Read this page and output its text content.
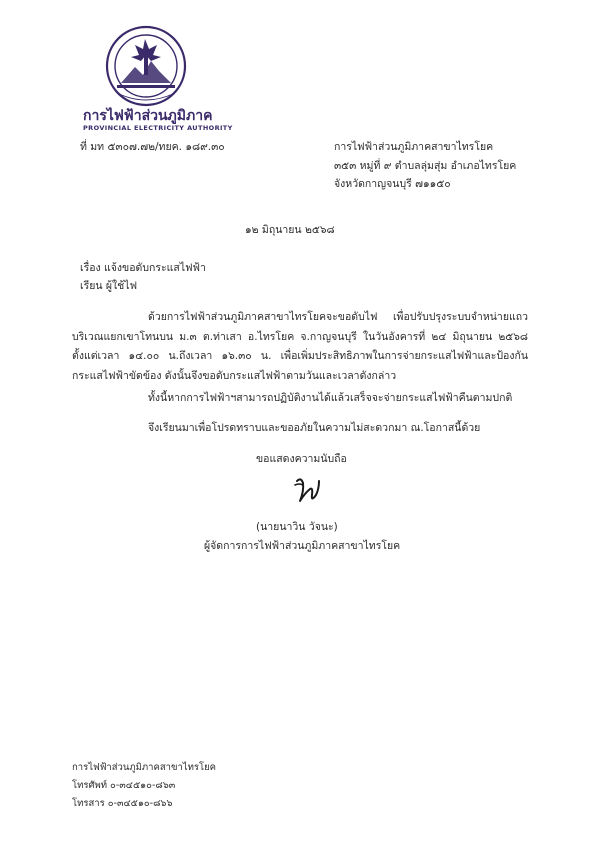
การไฟฟ้าส่วนภูมิภาค
PROVINCIAL ELECTRICITY AUTHORITY
ที่ มท ๕๓๐๗.๗๒/ทยค. ๑๘๙.๓๐	การไฟฟ้าส่วนภูมิภาคสาขาไทรโยค
๓๕๓ หมู่ที่ ๙ ตำบลลุ่มสุ่ม อำเภอไทรโยค
จังหวัดกาญจนบุรี ๗๑๑๕๐
๑๒ มิถุนายน ๒๕๖๘
เรื่อง แจ้งขอดับกระแสไฟฟ้า
เรียน ผู้ใช้ไฟ
ด้วยการไฟฟ้าส่วนภูมิภาคสาขาไทรโยคจะขอดับไฟ เพื่อปรับปรุงระบบจำหน่ายแถวบริเวณแยกเขาโทนบน ม.๓ ต.ท่าเสา อ.ไทรโยค จ.กาญจนบุรี ในวันอังคารที่ ๒๔ มิถุนายน ๒๕๖๘ ตั้งแต่เวลา ๑๔.๐๐ น.ถึงเวลา ๑๖.๓๐ น. เพื่อเพิ่มประสิทธิภาพในการจ่ายกระแสไฟฟ้าและป้องกันกระแสไฟฟ้าขัดข้อง ดังนั้นจึงขอดับกระแสไฟฟ้าตามวันและเวลาดังกล่าว
ทั้งนี้หากการไฟฟ้าฯสามารถปฏิบัติงานได้แล้วเสร็จจะจ่ายกระแสไฟฟ้าคืนตามปกติ
จึงเรียนมาเพื่อโปรดทราบและขออภัยในความไม่สะดวกมา ณ.โอกาสนี้ด้วย
ขอแสดงความนับถือ
(นายนาวิน วัจนะ)
ผู้จัดการการไฟฟ้าส่วนภูมิภาคสาขาไทรโยค
การไฟฟ้าส่วนภูมิภาคสาขาไทรโยค
โทรศัพท์ ๐-๓๔๕๑๐-๘๖๓
โทรสาร ๐-๓๔๕๑๐-๘๖๖
